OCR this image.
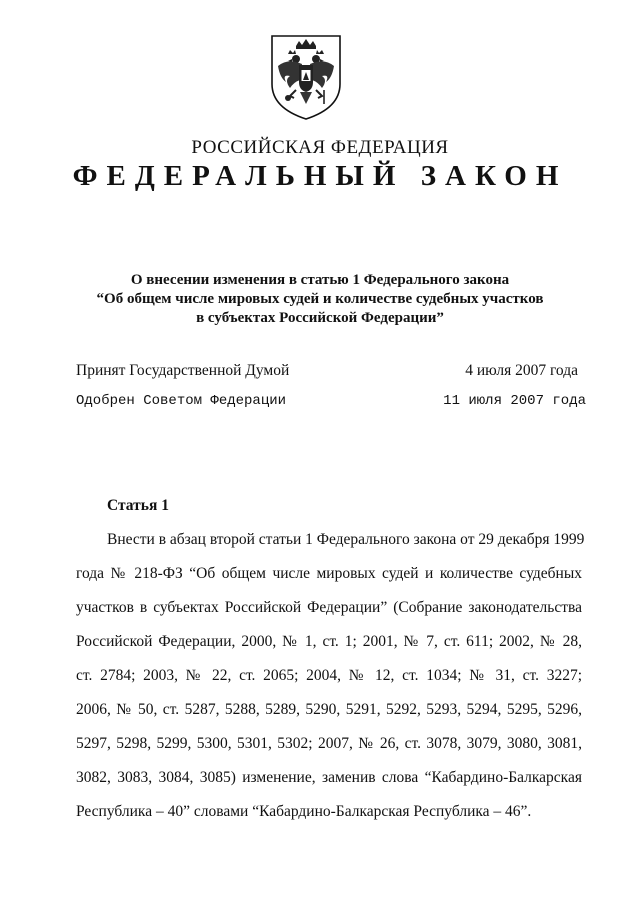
РОССИЙСКАЯ ФЕДЕРАЦИЯ
ФЕДЕРАЛЬНЫЙ ЗАКОН
О внесении изменения в статью 1 Федерального закона
“Об общем числе мировых судей и количестве судебных участков
в субъектах Российской Федерации”
Принят Государственной Думой	4 июля 2007 года
Одобрен Советом Федерации	11 июля 2007 года
Статья 1
Внести в абзац второй статьи 1 Федерального закона от 29 декабря 1999
года № 218-ФЗ “Об общем числе мировых судей и количестве судебных
участков в субъектах Российской Федерации” (Собрание законодательства
Российской Федерации, 2000, № 1, ст. 1; 2001, № 7, ст. 611; 2002, № 28,
ст. 2784; 2003, № 22, ст. 2065; 2004, № 12, ст. 1034; № 31, ст. 3227;
2006, № 50, ст. 5287, 5288, 5289, 5290, 5291, 5292, 5293, 5294, 5295, 5296,
5297, 5298, 5299, 5300, 5301, 5302; 2007, № 26, ст. 3078, 3079, 3080, 3081,
3082, 3083, 3084, 3085) изменение, заменив слова “Кабардино-Балкарская
Республика – 40” словами “Кабардино-Балкарская Республика – 46”.
